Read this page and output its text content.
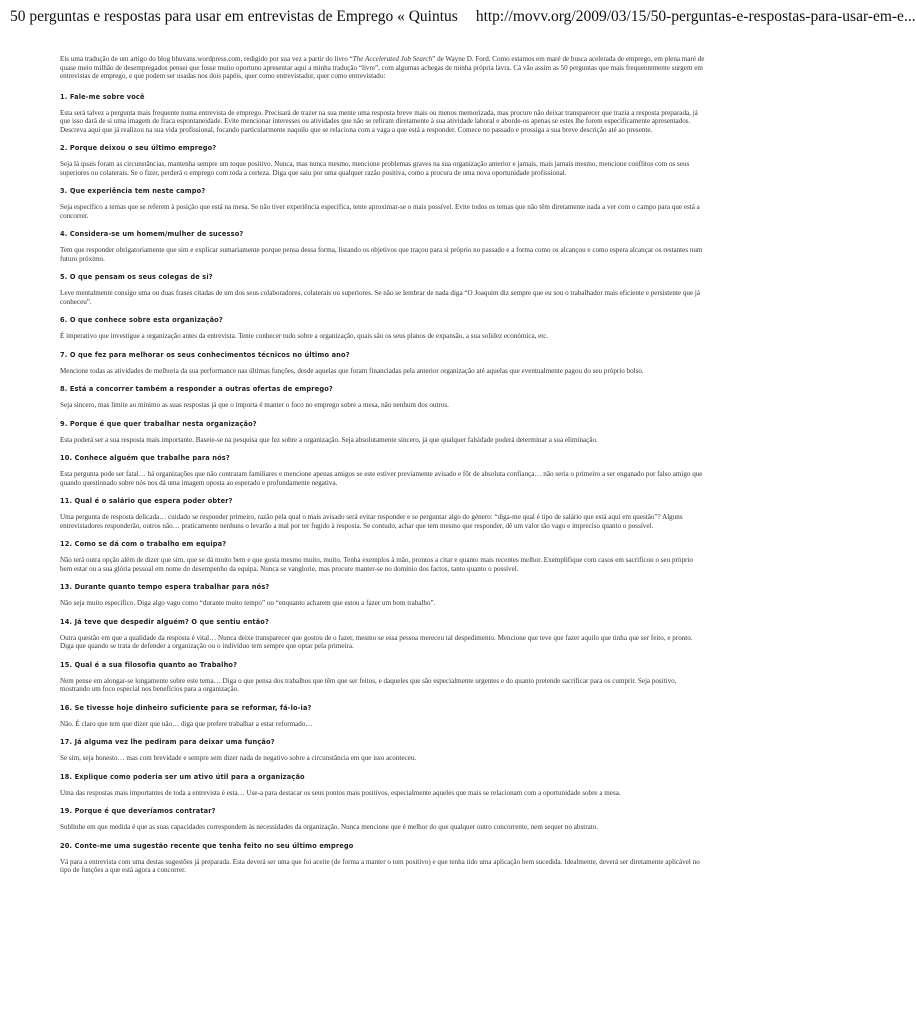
50 perguntas e respostas para usar em entrevistas de Emprego « Quintus http://movv.org/2009/03/15/50-perguntas-e-respostas-para-usar-em-e...

Eis uma tradução de um artigo do blog bhuvans.wordpress.com, redigido por sua vez a partir do livro “The Accelerated Job Search” de Wayne D. Ford. Como estamos em maré de busca acelerada de emprego, em plena maré de quase meio milhão de desempregados pensei que fosse muito oportuno apresentar aqui a minha tradução “livre”, com algumas achegas de minha própria lavra. Cá vão assim as 50 perguntas que mais frequentemente surgem em entrevistas de emprego, e que podem ser usadas nos dois papéis, quer como entrevistador, quer como entrevistado:

1. Fale-me sobre você

Esta será talvez a pergunta mais frequente numa entrevista de emprego. Precisará de trazer na sua mente uma resposta breve mais ou menos memorizada, mas procure não deixar transparecer que trazia a resposta preparada, já que isso dará de si uma imagem de fraca espontaneidade. Evite mencionar interesses ou atividades que não se refiram diretamente à sua atividade laboral e aborde-os apenas se estes lhe forem especificamente apresentados. Descreva aqui que já realizou na sua vida profissional, focando particularmente naquilo que se relaciona com a vaga a que está a responder. Comece no passado e prossiga a sua breve descrição até ao presente.

2. Porque deixou o seu último emprego?

Seja lá quais foram as circunstâncias, mantenha sempre um toque positivo. Nunca, mas nunca mesmo, mencione problemas graves na sua organização anterior e jamais, mais jamais mesmo, mencione conflitos com os seus superiores ou colaterais. Se o fizer, perderá o emprego com toda a certeza. Diga que saiu por uma qualquer razão positiva, como a procura de uma nova oportunidade profissional.

3. Que experiência tem neste campo?

Seja específico a temas que se referem à posição que está na mesa. Se não tiver experiência específica, tente aproximar-se o mais possível. Evite todos os temas que não têm diretamente nada a ver com o campo para que está a concorrer.

4. Considera-se um homem/mulher de sucesso?

Tem que responder obrigatoriamente que sim e explicar sumariamente porque pensa dessa forma, listando os objetivos que traçou para si próprio no passado e a forma como os alcançou e como espera alcançar os restantes num futuro próximo.

5. O que pensam os seus colegas de si?

Leve mentalmente consigo uma ou duas frases citadas de um dos seus colaboradores, colaterais ou superiores. Se não se lembrar de nada diga “O Joaquim diz sempre que eu sou o trabalhador mais eficiente e persistente que já conheceu”.

6. O que conhece sobre esta organização?

É imperativo que investigue a organização antes da entrevista. Tente conhecer tudo sobre a organização, quais são os seus planos de expansão, a sua solidez económica, etc.

7. O que fez para melhorar os seus conhecimentos técnicos no último ano?

Mencione todas as atividades de melhoria da sua performance nas últimas funções, desde aquelas que foram financiadas pela anterior organização até aquelas que eventualmente pagou do seu próprio bolso.

8. Está a concorrer também a responder a outras ofertas de emprego?

Seja sincero, mas limite ao mínimo as suas respostas já que o importa é manter o foco no emprego sobre a mesa, não nenhum dos outros.

9. Porque é que quer trabalhar nesta organização?

Esta poderá ser a sua resposta mais importante. Baseie-se na pesquisa que fez sobre a organização. Seja absolutamente sincero, já que qualquer falsidade poderá determinar a sua eliminação.

10. Conhece alguém que trabalhe para nós?

Esta pergunta pode ser fatal… há organizações que não contratam familiares e mencione apenas amigos se este estiver previamente avisado e fôr de absoluta confiança… não seria o primeiro a ser enganado por falso amigo que quando questionado sobre nós nos dá uma imagem oposta ao esperado e profundamente negativa.

11. Qual é o salário que espera poder obter?

Uma pergunta de resposta delicada… cuidado se responder primeiro, razão pela qual o mais avisado será evitar responder e se perguntar algo do género: “diga-me qual é tipo de salário que está aqui em questão”? Alguns entrevistadores responderão, outros não… praticamente nenhuns o levarão a mal por ter fugido à resposta. Se contudo, achar que tem mesmo que responder, dê um valor tão vago e impreciso quanto o possível.

12. Como se dá com o trabalho em equipa?

Não terá outra opção além de dizer que sim, que se dá muito bem e que gosta mesmo muito, muito. Tenha exemplos à mão, prontos a citar e quanto mais recentes melhor. Exemplifique com casos em sacrificou o seu próprio bem estar ou a sua glória pessoal em nome do desempenho da equipa. Nunca se vanglorie, mas procure manter-se no domínio dos factos, tanto quanto o possível.

13. Durante quanto tempo espera trabalhar para nós?

Não seja muito específico. Diga algo vago como “durante muito tempo” ou “enquanto acharem que estou a fazer um bom trabalho”.

14. Já teve que despedir alguém? O que sentiu então?

Outra questão em que a qualidade da resposta é vital… Nunca deixe transparecer que gostou de o fazer, mesmo se essa pessoa mereceu tal despedimento. Mencione que teve que fazer aquilo que tinha que ser feito, e pronto. Diga que quando se trata de defender a organização ou o indivíduo tem sempre que optar pela primeira.

15. Qual é a sua filosofia quanto ao Trabalho?

Nem pense em alongar-se longamente sobre este tema… Diga o que pensa dos trabalhos que têm que ser feitos, e daqueles que são especialmente urgentes e do quanto pretende sacrificar para os cumprir. Seja positivo, mostrando um foco especial nos benefícios para a organização.

16. Se tivesse hoje dinheiro suficiente para se reformar, fá-lo-ia?

Não. É claro que tem que dizer que não… diga que prefere trabalhar a estar reformado…

17. Já alguma vez lhe pediram para deixar uma função?

Se sim, seja honesto… mas com brevidade e sempre sem dizer nada de negativo sobre a circunstância em que isso aconteceu.

18. Explique como poderia ser um ativo útil para a organização

Uma das respostas mais importantes de toda a entrevista é esta… Use-a para destacar os seus pontos mais positivos, especialmente aqueles que mais se relacionam com a oportunidade sobre a mesa.

19. Porque é que deveríamos contratar?

Sublinhe em que medida é que as suas capacidades correspondem às necessidades da organização. Nunca mencione que é melhor do que qualquer outro concorrente, nem sequer no abstrato.

20. Conte-me uma sugestão recente que tenha feito no seu último emprego

Vá para a entrevista com uma destas sugestões já preparada. Esta deverá ser uma que foi aceite (de forma a manter o tom positivo) e que tenha tido uma aplicação bem sucedida. Idealmente, deverá ser diretamente aplicável no tipo de funções a que está agora a concorrer.
